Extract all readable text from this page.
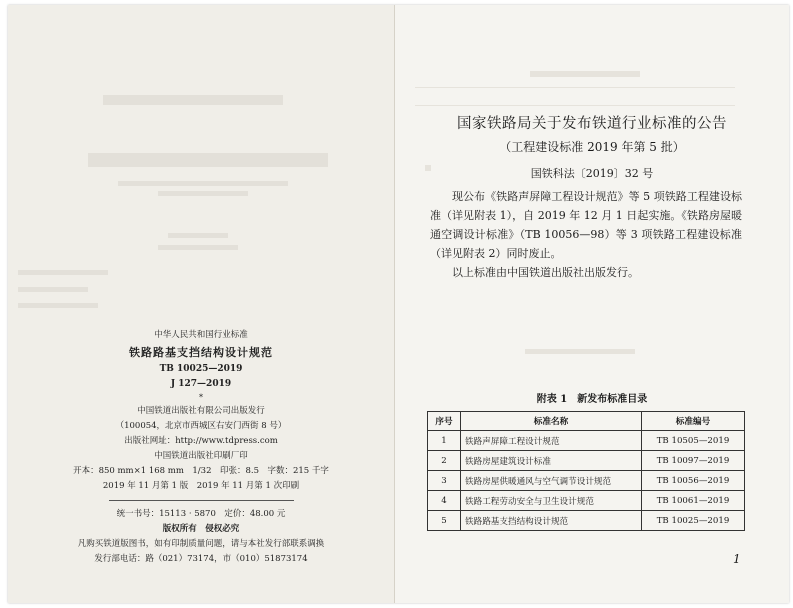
中华人民共和国行业标准
铁路路基支挡结构设计规范
TB 10025—2019
J 127—2019
*
中国铁道出版社有限公司出版发行
（100054，北京市西城区右安门西街 8 号）
出版社网址：http://www.tdpress.com
中国铁道出版社印刷厂印
开本：850 mm×1 168 mm　1/32　印张：8.5　字数：215 千字
2019 年 11 月第 1 版　2019 年 11 月第 1 次印刷
统一书号：15113 · 5870　定价：48.00 元
版权所有　侵权必究
凡购买铁道版图书，如有印制质量问题，请与本社发行部联系调换
发行部电话：路（021）73174，市（010）51873174
国家铁路局关于发布铁道行业标准的公告
（工程建设标准 2019 年第 5 批）
国铁科法〔2019〕32 号

现公布《铁路声屏障工程设计规范》等 5 项铁路工程建设标准（详见附表 1），自 2019 年 12 月 1 日起实施。《铁路房屋暖通空调设计标准》（TB 10056—98）等 3 项铁路工程建设标准（详见附表 2）同时废止。

以上标准由中国铁道出版社出版发行。

附表 1　新发布标准目录
序号	标准名称	标准编号
1	铁路声屏障工程设计规范	TB 10505—2019
2	铁路房屋建筑设计标准	TB 10097—2019
3	铁路房屋供暖通风与空气调节设计规范	TB 10056—2019
4	铁路工程劳动安全与卫生设计规范	TB 10061—2019
5	铁路路基支挡结构设计规范	TB 10025—2019
1
